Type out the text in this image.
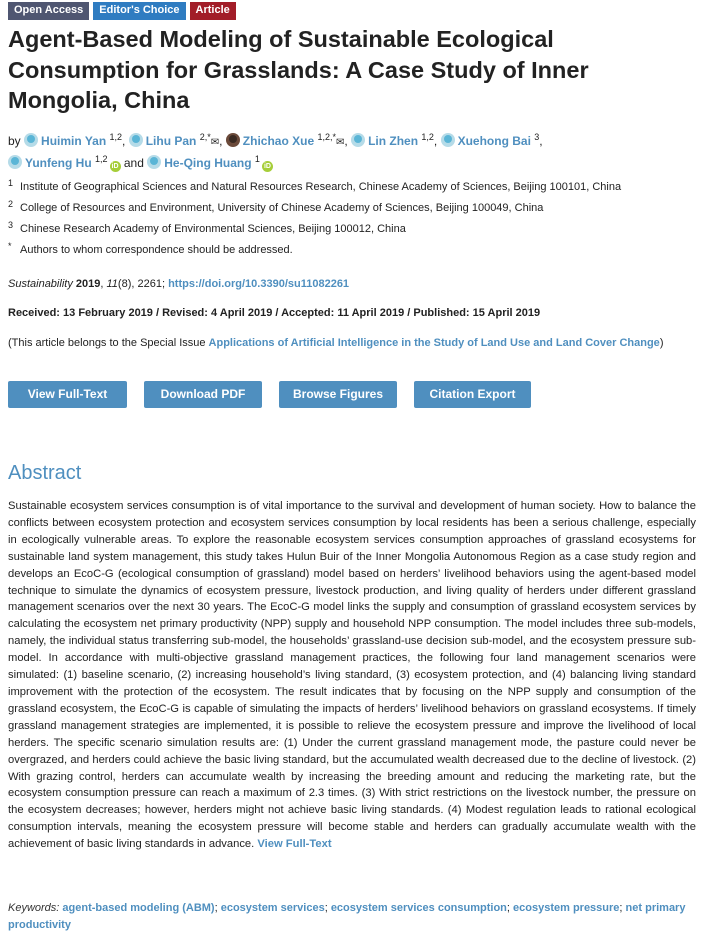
Open Access	Editor's Choice	Article
Agent-Based Modeling of Sustainable Ecological Consumption for Grasslands: A Case Study of Inner Mongolia, China
by Huimin Yan $^{1,2}$, Lihu Pan $^{2,*}$✉, Zhichao Xue $^{1,2,*}$✉, Lin Zhen $^{1,2}$, Xuehong Bai $^3$,
Yunfeng Hu $^{1,2}$iD and He-Qing Huang $^1$iD
$^1$ Institute of Geographical Sciences and Natural Resources Research, Chinese Academy of Sciences, Beijing 100101, China
$^2$ College of Resources and Environment, University of Chinese Academy of Sciences, Beijing 100049, China
$^3$ Chinese Research Academy of Environmental Sciences, Beijing 100012, China
* Authors to whom correspondence should be addressed.
Sustainability 2019, 11(8), 2261; https://doi.org/10.3390/su11082261
Received: 13 February 2019 / Revised: 4 April 2019 / Accepted: 11 April 2019 / Published: 15 April 2019
(This article belongs to the Special Issue Applications of Artificial Intelligence in the Study of Land Use and Land Cover Change)
View Full-Text	Download PDF	Browse Figures	Citation Export
Abstract
Sustainable ecosystem services consumption is of vital importance to the survival and development of human society. How to balance the conflicts between ecosystem protection and ecosystem services consumption by local residents has been a serious challenge, especially in ecologically vulnerable areas. To explore the reasonable ecosystem services consumption approaches of grassland ecosystems for sustainable land system management, this study takes Hulun Buir of the Inner Mongolia Autonomous Region as a case study region and develops an EcoC-G (ecological consumption of grassland) model based on herders’ livelihood behaviors using the agent-based model technique to simulate the dynamics of ecosystem pressure, livestock production, and living quality of herders under different grassland management scenarios over the next 30 years. The EcoC-G model links the supply and consumption of grassland ecosystem services by calculating the ecosystem net primary productivity (NPP) supply and household NPP consumption. The model includes three sub-models, namely, the individual status transferring sub-model, the households’ grassland-use decision sub-model, and the ecosystem pressure sub-model. In accordance with multi-objective grassland management practices, the following four land management scenarios were simulated: (1) baseline scenario, (2) increasing household’s living standard, (3) ecosystem protection, and (4) balancing living standard improvement with the protection of the ecosystem. The result indicates that by focusing on the NPP supply and consumption of the grassland ecosystem, the EcoC-G is capable of simulating the impacts of herders’ livelihood behaviors on grassland ecosystems. If timely grassland management strategies are implemented, it is possible to relieve the ecosystem pressure and improve the livelihood of local herders. The specific scenario simulation results are: (1) Under the current grassland management mode, the pasture could never be overgrazed, and herders could achieve the basic living standard, but the accumulated wealth decreased due to the decline of livestock. (2) With grazing control, herders can accumulate wealth by increasing the breeding amount and reducing the marketing rate, but the ecosystem consumption pressure can reach a maximum of 2.3 times. (3) With strict restrictions on the livestock number, the pressure on the ecosystem decreases; however, herders might not achieve basic living standards. (4) Modest regulation leads to rational ecological consumption intervals, meaning the ecosystem pressure will become stable and herders can gradually accumulate wealth with the achievement of basic living standards in advance. View Full-Text
Keywords: agent-based modeling (ABM); ecosystem services; ecosystem services consumption; ecosystem pressure; net primary productivity
